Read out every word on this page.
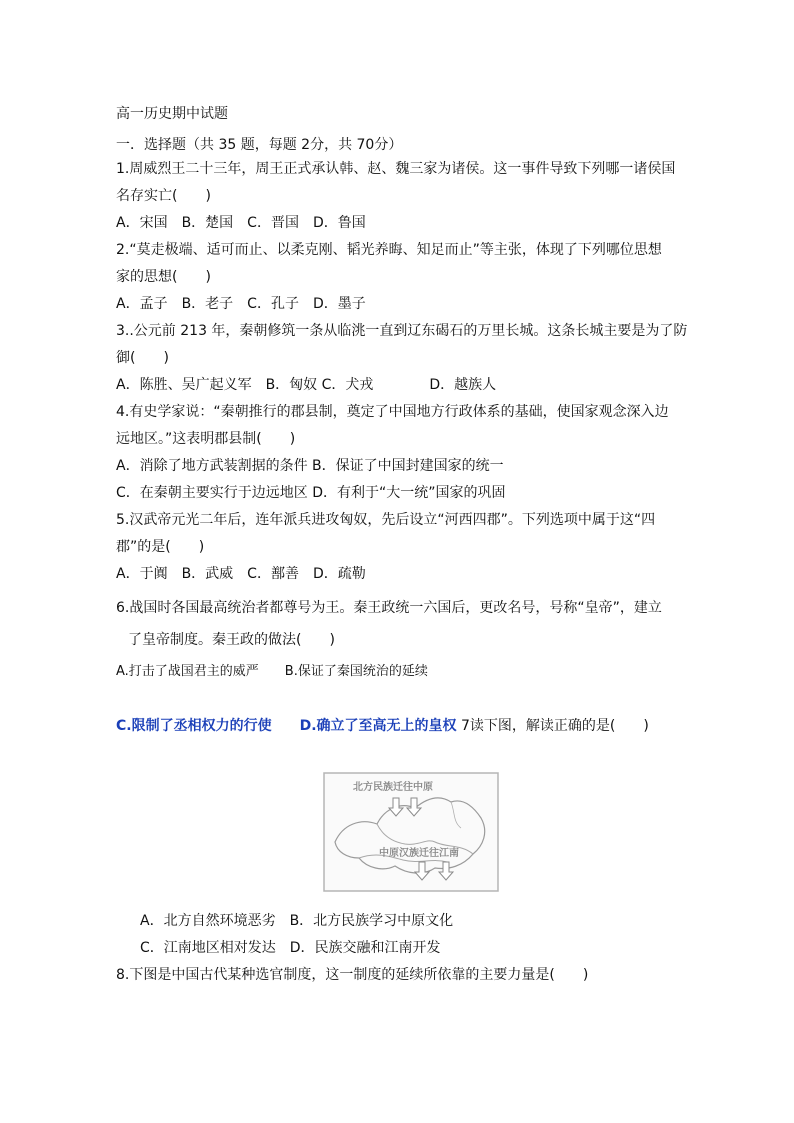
高一历史期中试题
一．选择题（共 35 题，每题 2分，共 70分）
1.周威烈王二十三年，周王正式承认韩、赵、魏三家为诸侯。这一事件导致下列哪一诸侯国
名存实亡(　　)
A．宋国　B．楚国　C．晋国　D．鲁国
2.“莫走极端、适可而止、以柔克刚、韬光养晦、知足而止”等主张，体现了下列哪位思想
家的思想(　　)
A．孟子　B．老子　C．孔子　D．墨子
3..公元前 213 年，秦朝修筑一条从临洮一直到辽东碣石的万里长城。这条长城主要是为了防
御(　　)
A．陈胜、吴广起义军　B．匈奴 C．犬戎　　　　D．越族人
4.有史学家说：“秦朝推行的郡县制，奠定了中国地方行政体系的基础，使国家观念深入边
远地区。”这表明郡县制(　　)
A．消除了地方武装割据的条件 B．保证了中国封建国家的统一
C．在秦朝主要实行于边远地区 D．有利于“大一统”国家的巩固
5.汉武帝元光二年后，连年派兵进攻匈奴，先后设立“河西四郡”。下列选项中属于这“四
郡”的是(　　)
A．于阗　B．武威　C．鄯善　D．疏勒
6.战国时各国最高统治者都尊号为王。秦王政统一六国后，更改名号，号称“皇帝”，建立
了皇帝制度。秦王政的做法(　　)
A.打击了战国君主的威严　　B.保证了秦国统治的延续
C.限制了丞相权力的行使 D.确立了至高无上的皇权 7读下图，解读正确的是(　　)
北方民族迁往中原
中原汉族迁往江南
A．北方自然环境恶劣　B．北方民族学习中原文化
C．江南地区相对发达　D．民族交融和江南开发
8.下图是中国古代某种选官制度，这一制度的延续所依靠的主要力量是(　　)
